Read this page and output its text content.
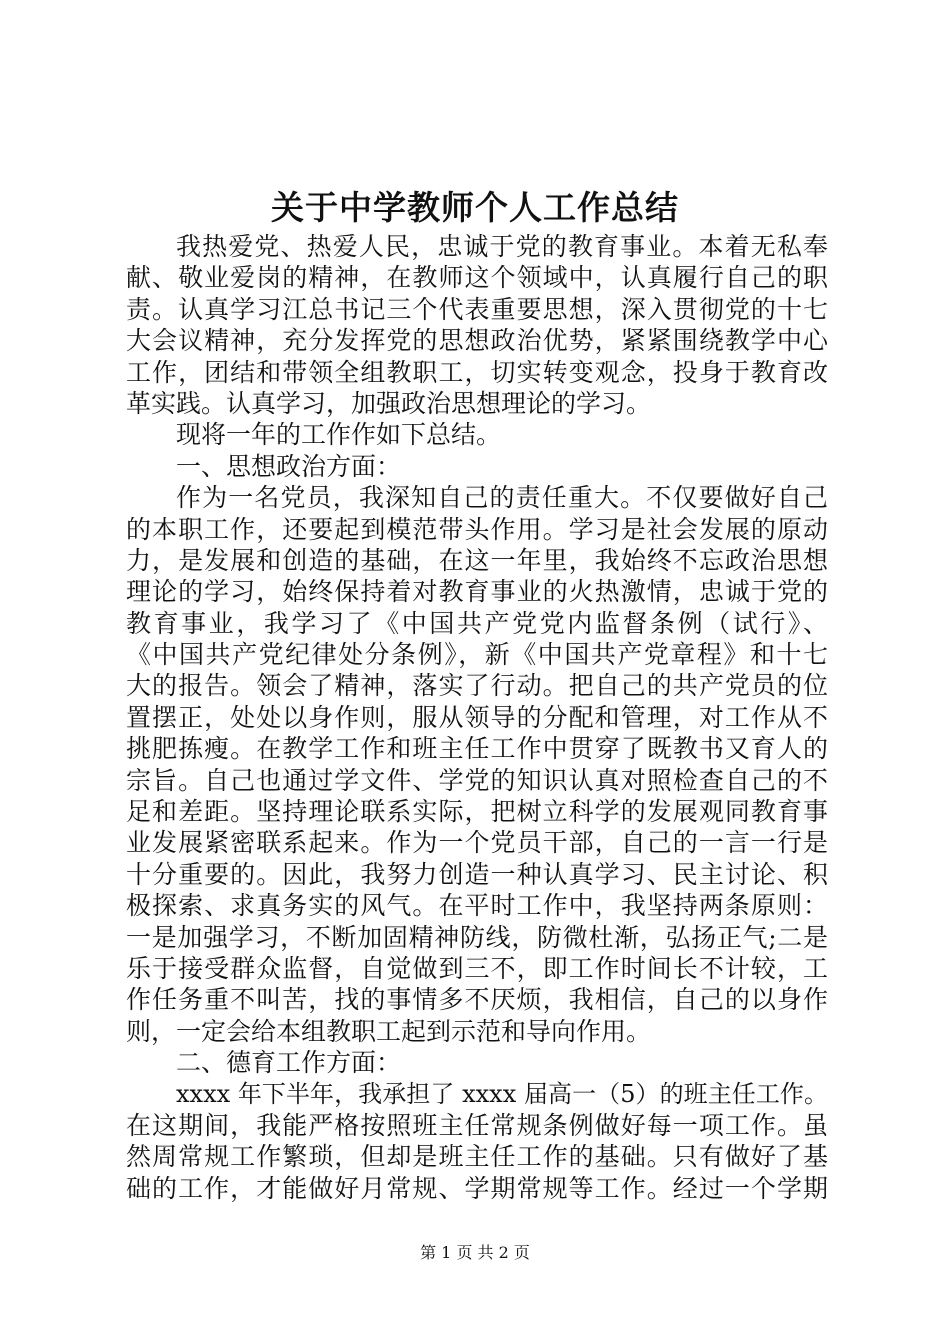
关于中学教师个人工作总结
我热爱党、热爱人民，忠诚于党的教育事业。本着无私奉
献、敬业爱岗的精神，在教师这个领域中，认真履行自己的职
责。认真学习江总书记三个代表重要思想，深入贯彻党的十七
大会议精神，充分发挥党的思想政治优势，紧紧围绕教学中心
工作，团结和带领全组教职工，切实转变观念，投身于教育改
革实践。认真学习，加强政治思想理论的学习。
现将一年的工作作如下总结。
一、思想政治方面：
作为一名党员，我深知自己的责任重大。不仅要做好自己
的本职工作，还要起到模范带头作用。学习是社会发展的原动
力，是发展和创造的基础，在这一年里，我始终不忘政治思想
理论的学习，始终保持着对教育事业的火热激情，忠诚于党的
教育事业，我学习了《中国共产党党内监督条例（试行》、
《中国共产党纪律处分条例》，新《中国共产党章程》和十七
大的报告。领会了精神，落实了行动。把自己的共产党员的位
置摆正，处处以身作则，服从领导的分配和管理，对工作从不
挑肥拣瘦。在教学工作和班主任工作中贯穿了既教书又育人的
宗旨。自己也通过学文件、学党的知识认真对照检查自己的不
足和差距。坚持理论联系实际，把树立科学的发展观同教育事
业发展紧密联系起来。作为一个党员干部，自己的一言一行是
十分重要的。因此，我努力创造一种认真学习、民主讨论、积
极探索、求真务实的风气。在平时工作中，我坚持两条原则：
一是加强学习，不断加固精神防线，防微杜渐，弘扬正气;二是
乐于接受群众监督，自觉做到三不，即工作时间长不计较，工
作任务重不叫苦，找的事情多不厌烦，我相信，自己的以身作
则，一定会给本组教职工起到示范和导向作用。
二、德育工作方面：
xxxx 年下半年，我承担了 xxxx 届高一（5）的班主任工作。
在这期间，我能严格按照班主任常规条例做好每一项工作。虽
然周常规工作繁琐，但却是班主任工作的基础。只有做好了基
础的工作，才能做好月常规、学期常规等工作。经过一个学期
第 1 页 共 2 页
